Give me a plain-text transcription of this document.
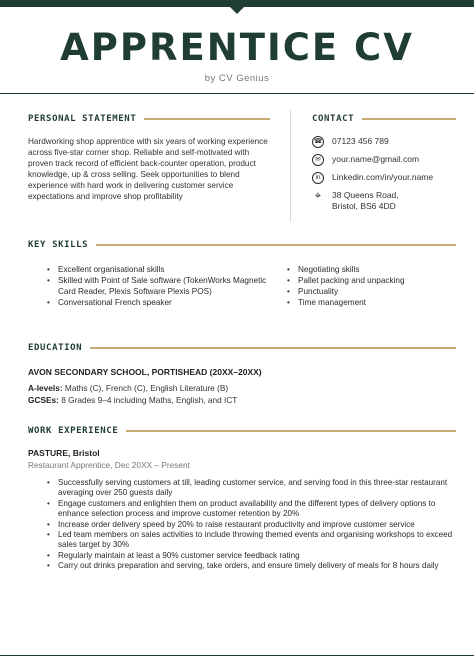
APPRENTICE CV
by CV Genius
PERSONAL STATEMENT
Hardworking shop apprentice with six years of working experience across five-star corner shop. Reliable and self-motivated with proven track record of efficient back-counter operation, product knowledge, up & cross selling. Seek opportunities to blend experience with hard work in delivering customer service expectations and improve shop profitability
CONTACT
☎ 07123 456 789
✉	your.name@gmail.com
in	Linkedin.com/in/your.name
⌖	38 Queens Road,
Bristol, BS6 4DD
KEY SKILLS
• Excellent organisational skills
• Skilled with Point of Sale software (TokenWorks Magnetic Card Reader, Plexis Software Plexis POS)
• Conversational French speaker
• Negotiating skills
• Pallet packing and unpacking
• Punctuality
• Time management
EDUCATION
AVON SECONDARY SCHOOL, PORTISHEAD (20XX–20XX)
A-levels: Maths (C), French (C), English Literature (B)
GCSEs: 8 Grades 9–4 including Maths, English, and ICT
WORK EXPERIENCE
PASTURE, Bristol
Restaurant Apprentice, Dec 20XX – Present
• Successfully serving customers at till, leading customer service, and serving food in this three-star restaurant averaging over 250 guests daily
• Engage customers and enlighten them on product availability and the different types of delivery options to enhance selection process and improve customer retention by 20%
• Increase order delivery speed by 20% to raise restaurant productivity and improve customer service
• Led team members on sales activities to include throwing themed events and organising workshops to exceed sales target by 30%
• Regularly maintain at least a 90% customer service feedback rating
• Carry out drinks preparation and serving, take orders, and ensure timely delivery of meals for 8 hours daily
